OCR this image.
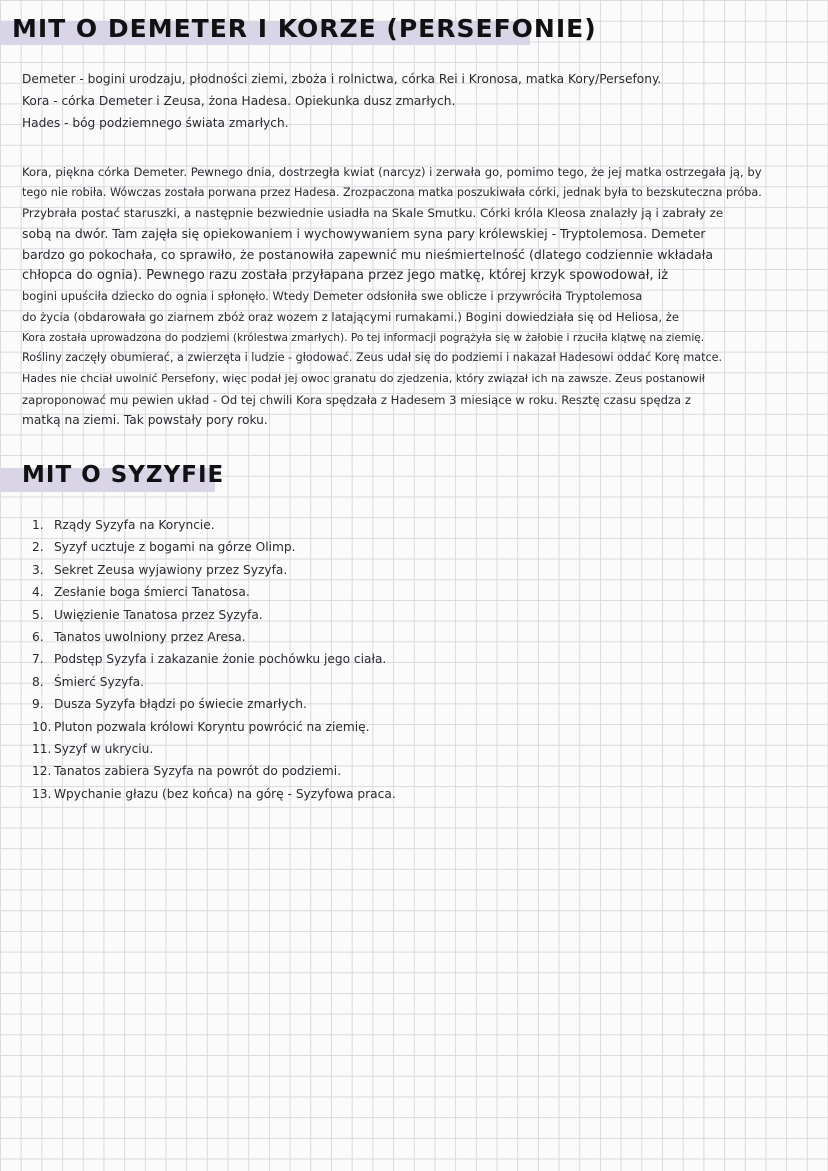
MIT O DEMETER I KORZE (PERSEFONIE)

Demeter - bogini urodzaju, płodności ziemi, zboża i rolnictwa, córka Rei i Kronosa, matka Kory/Persefony.

Kora - córka Demeter i Zeusa, żona Hadesa. Opiekunka dusz zmarłych.

Hades - bóg podziemnego świata zmarłych.

Kora, piękna córka Demeter. Pewnego dnia, dostrzegła kwiat (narcyz) i zerwała go, pomimo tego, że jej matka ostrzegała ją, by

tego nie robiła. Wówczas została porwana przez Hadesa. Zrozpaczona matka poszukiwała córki, jednak była to bezskuteczna próba.

Przybrała postać staruszki, a następnie bezwiednie usiadła na Skale Smutku. Córki króla Kleosa znalazły ją i zabrały ze

sobą na dwór. Tam zajęła się opiekowaniem i wychowywaniem syna pary królewskiej - Tryptolemosa. Demeter

bardzo go pokochała, co sprawiło, że postanowiła zapewnić mu nieśmiertelność (dlatego codziennie wkładała

chłopca do ognia). Pewnego razu została przyłapana przez jego matkę, której krzyk spowodował, iż

bogini upuściła dziecko do ognia i spłonęło. Wtedy Demeter odsłoniła swe oblicze i przywróciła Tryptolemosa

do życia (obdarowała go ziarnem zbóż oraz wozem z latającymi rumakami.) Bogini dowiedziała się od Heliosa, że

Kora została uprowadzona do podziemi (królestwa zmarłych). Po tej informacji pogrążyła się w żałobie i rzuciła klątwę na ziemię.

Rośliny zaczęły obumierać, a zwierzęta i ludzie - głodować. Zeus udał się do podziemi i nakazał Hadesowi oddać Korę matce.

Hades nie chciał uwolnić Persefony, więc podał jej owoc granatu do zjedzenia, który związał ich na zawsze. Zeus postanowił

zaproponować mu pewien układ - Od tej chwili Kora spędzała z Hadesem 3 miesiące w roku. Resztę czasu spędza z

matką na ziemi. Tak powstały pory roku.

MIT O SYZYFIE

1. Rządy Syzyfa na Koryncie.

2. Syzyf ucztuje z bogami na górze Olimp.

3. Sekret Zeusa wyjawiony przez Syzyfa.

4. Zesłanie boga śmierci Tanatosa.

5. Uwięzienie Tanatosa przez Syzyfa.

6. Tanatos uwolniony przez Aresa.

7. Podstęp Syzyfa i zakazanie żonie pochówku jego ciała.

8. Śmierć Syzyfa.

9. Dusza Syzyfa błądzi po świecie zmarłych.

10. Pluton pozwala królowi Koryntu powrócić na ziemię.

11. Syzyf w ukryciu.

12. Tanatos zabiera Syzyfa na powrót do podziemi.

13. Wpychanie głazu (bez końca) na górę - Syzyfowa praca.
